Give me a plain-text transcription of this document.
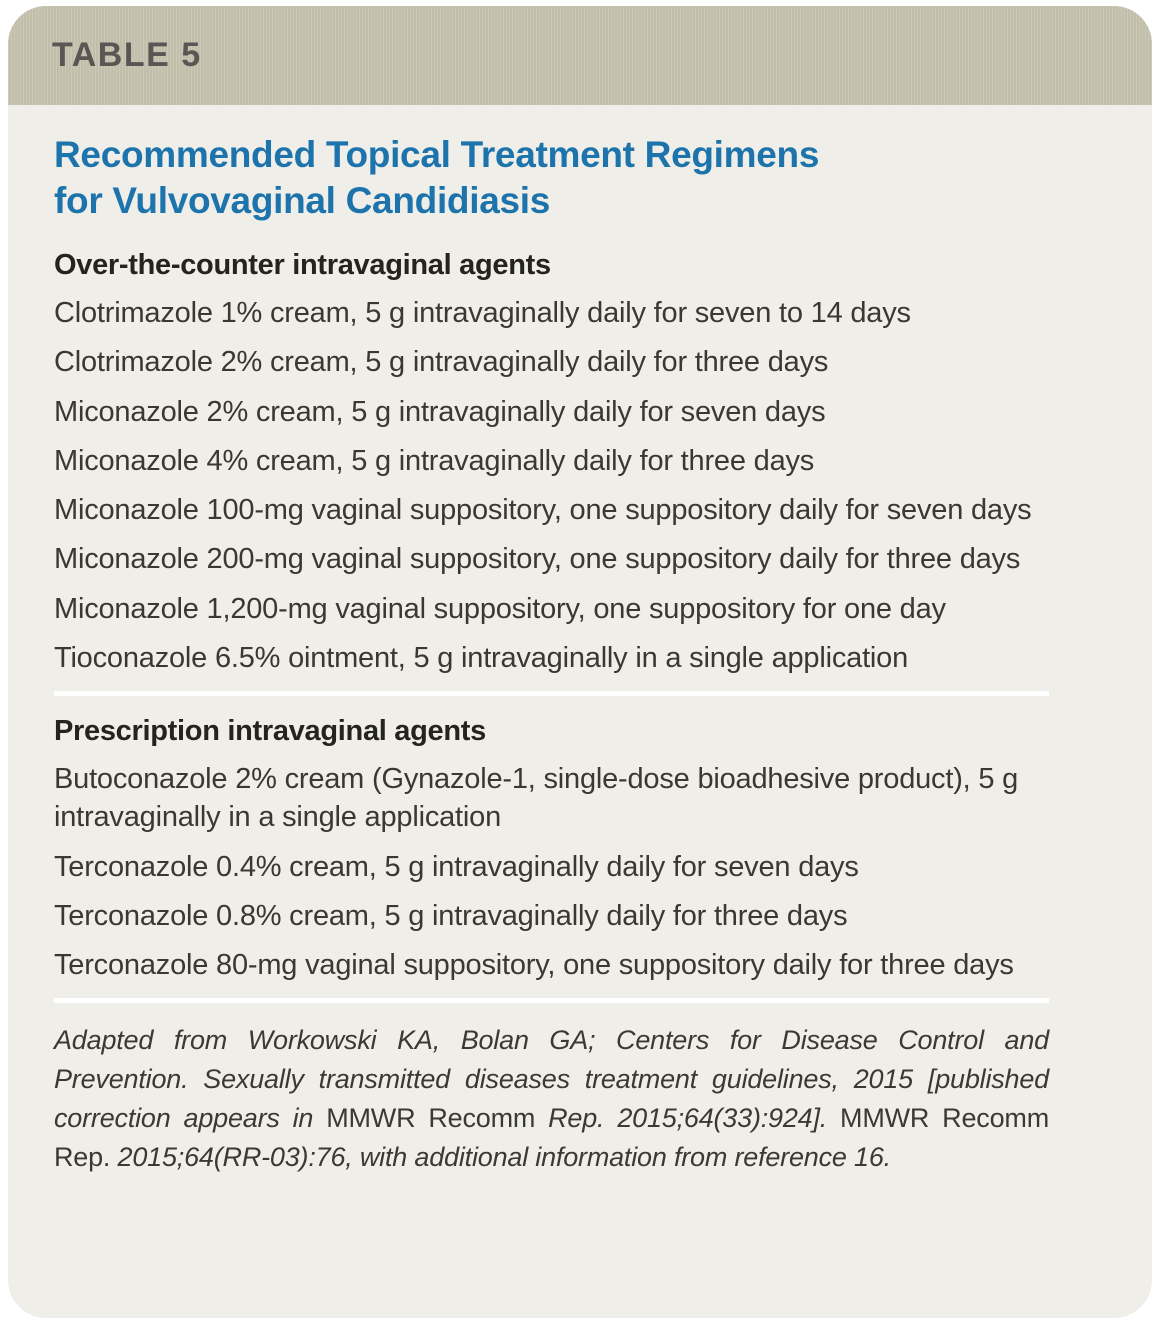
TABLE 5
Recommended Topical Treatment Regimens
for Vulvovaginal Candidiasis
Over-the-counter intravaginal agents

Clotrimazole 1% cream, 5 g intravaginally daily for seven to 14 days

Clotrimazole 2% cream, 5 g intravaginally daily for three days

Miconazole 2% cream, 5 g intravaginally daily for seven days

Miconazole 4% cream, 5 g intravaginally daily for three days

Miconazole 100-mg vaginal suppository, one suppository daily for seven days

Miconazole 200-mg vaginal suppository, one suppository daily for three days

Miconazole 1,200-mg vaginal suppository, one suppository for one day

Tioconazole 6.5% ointment, 5 g intravaginally in a single application

Prescription intravaginal agents

Butoconazole 2% cream (Gynazole-1, single-dose bioadhesive product), 5 g intravaginally in a single application

Terconazole 0.4% cream, 5 g intravaginally daily for seven days

Terconazole 0.8% cream, 5 g intravaginally daily for three days

Terconazole 80-mg vaginal suppository, one suppository daily for three days

Adapted from Workowski KA, Bolan GA; Centers for Disease Control and Prevention. Sexually transmitted diseases treatment guidelines, 2015 [published correction appears in MMWR Recomm Rep. 2015;64(33):924]. MMWR Recomm Rep. 2015;64(RR-03):76, with additional information from reference 16.
